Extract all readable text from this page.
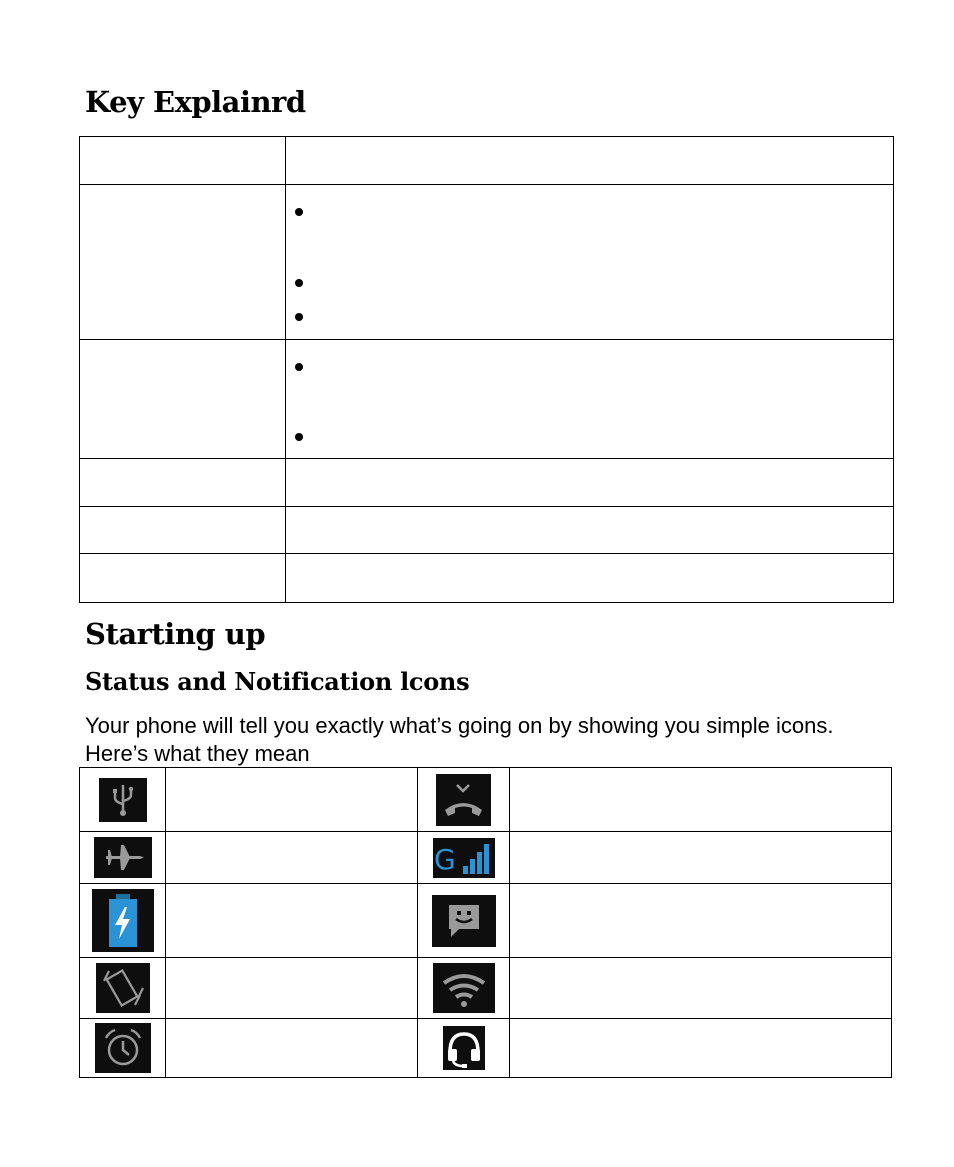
Key Explainrd

Starting up
Status and Notification lcons

Your phone will tell you exactly what’s going on by showing you simple icons. Here’s what they mean

G	
